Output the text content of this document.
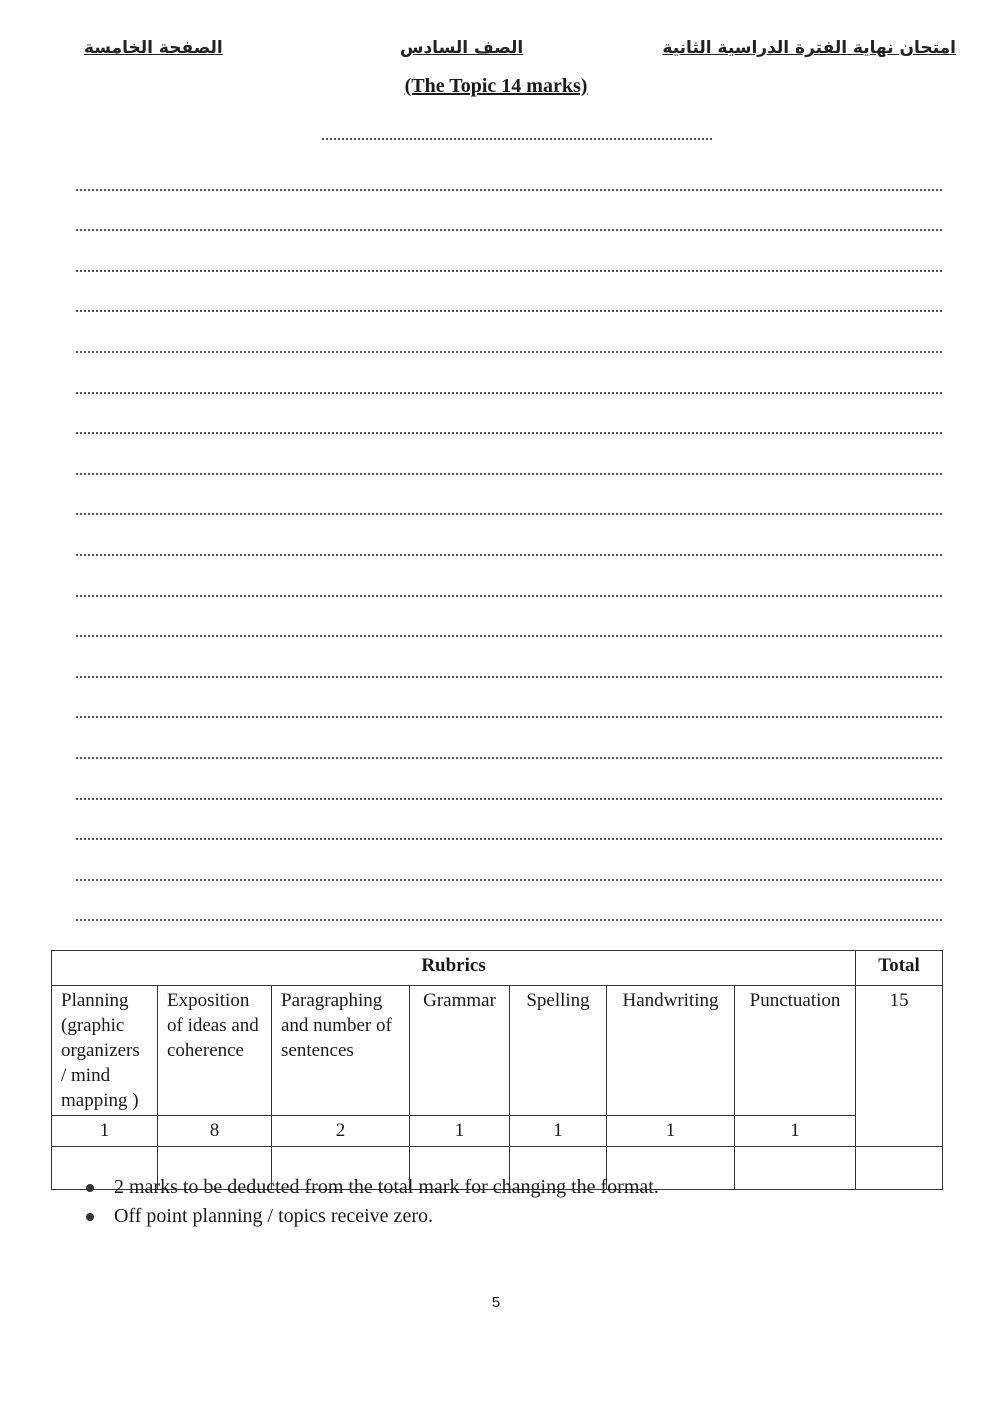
الصفحة الخامسة	الصف السادس	امتحان نهاية الفترة الدراسية الثانية
(The Topic 14 marks)
Rubrics							Total
Planning (graphic organizers / mind mapping )	Exposition of ideas and coherence	Paragraphing and number of sentences	Grammar	Spelling	Handwriting	Punctuation	15
1	8	2	1	1	1	1	

2 marks to be deducted from the total mark for changing the format.
Off point planning / topics receive zero.
5
